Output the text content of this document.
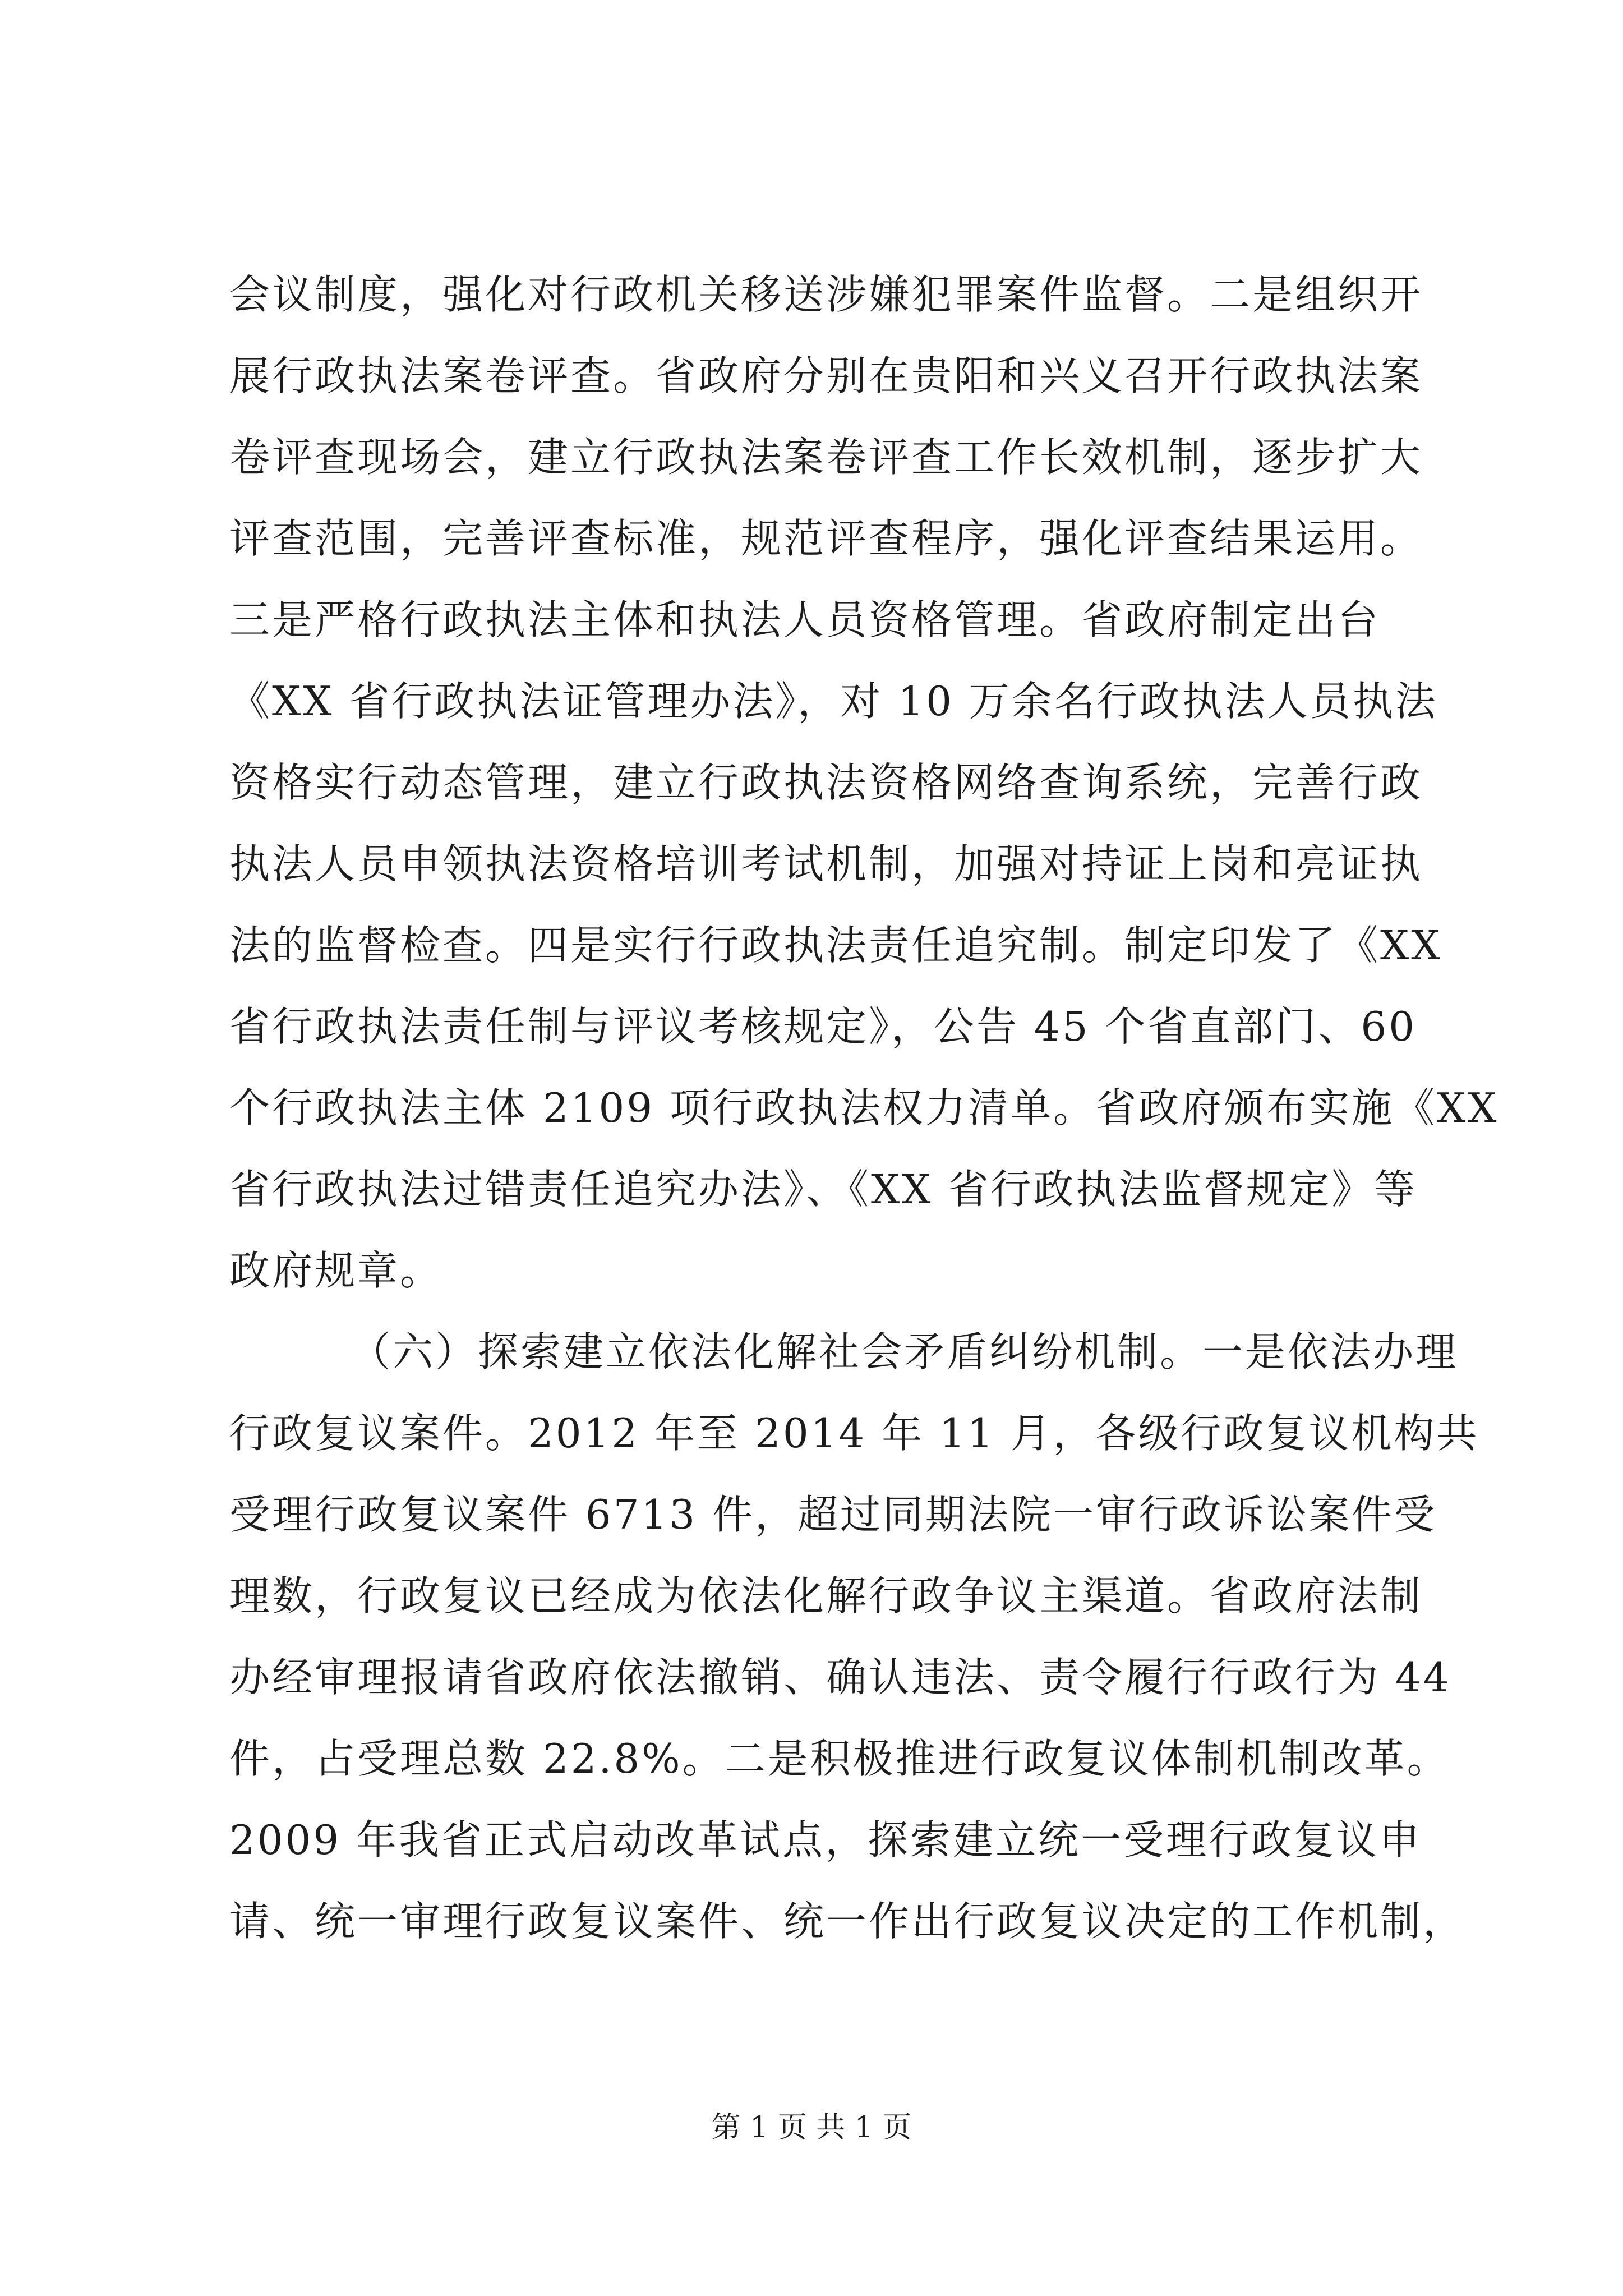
会议制度，强化对行政机关移送涉嫌犯罪案件监督。二是组织开
展行政执法案卷评查。省政府分别在贵阳和兴义召开行政执法案
卷评查现场会，建立行政执法案卷评查工作长效机制，逐步扩大
评查范围，完善评查标准，规范评查程序，强化评查结果运用。
三是严格行政执法主体和执法人员资格管理。省政府制定出台
《XX 省行政执法证管理办法》，对 10 万余名行政执法人员执法
资格实行动态管理，建立行政执法资格网络查询系统，完善行政
执法人员申领执法资格培训考试机制，加强对持证上岗和亮证执
法的监督检查。四是实行行政执法责任追究制。制定印发了《XX
省行政执法责任制与评议考核规定》，公告 45 个省直部门、60
个行政执法主体 2109 项行政执法权力清单。省政府颁布实施《XX
省行政执法过错责任追究办法》、《XX 省行政执法监督规定》等
政府规章。
（六）探索建立依法化解社会矛盾纠纷机制。一是依法办理
行政复议案件。2012 年至 2014 年 11 月，各级行政复议机构共
受理行政复议案件 6713 件，超过同期法院一审行政诉讼案件受
理数，行政复议已经成为依法化解行政争议主渠道。省政府法制
办经审理报请省政府依法撤销、确认违法、责令履行行政行为 44
件，占受理总数 22.8%。二是积极推进行政复议体制机制改革。
2009 年我省正式启动改革试点，探索建立统一受理行政复议申
请、统一审理行政复议案件、统一作出行政复议决定的工作机制，
第 1 页 共 1 页
